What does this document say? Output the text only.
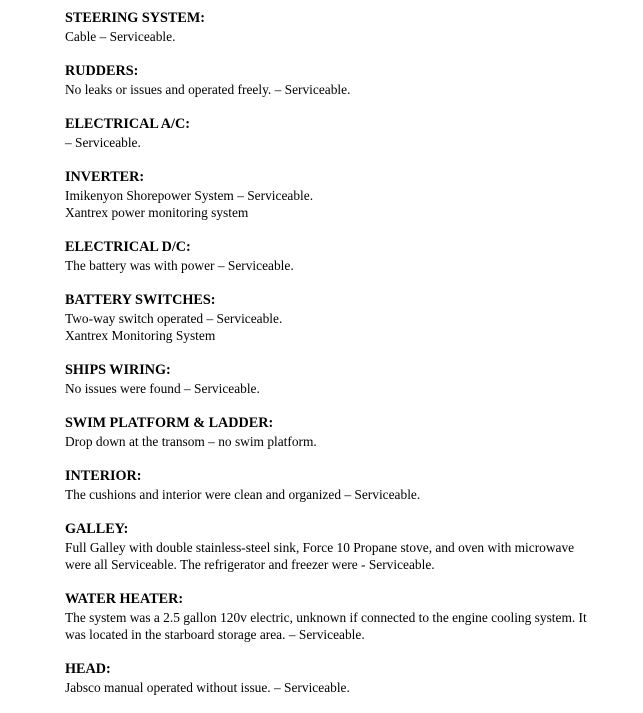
STEERING SYSTEM:
Cable – Serviceable.
RUDDERS:
No leaks or issues and operated freely. – Serviceable.
ELECTRICAL A/C:
– Serviceable.
INVERTER:
Imikenyon Shorepower System – Serviceable.
Xantrex power monitoring system
ELECTRICAL D/C:
The battery was with power – Serviceable.
BATTERY SWITCHES:
Two-way switch operated – Serviceable.
Xantrex Monitoring System
SHIPS WIRING:
No issues were found – Serviceable.
SWIM PLATFORM & LADDER:
Drop down at the transom – no swim platform.
INTERIOR:
The cushions and interior were clean and organized – Serviceable.
GALLEY:
Full Galley with double stainless-steel sink, Force 10 Propane stove, and oven with microwave
were all Serviceable. The refrigerator and freezer were - Serviceable.
WATER HEATER:
The system was a 2.5 gallon 120v electric, unknown if connected to the engine cooling system. It
was located in the starboard storage area. – Serviceable.
HEAD:
Jabsco manual operated without issue. – Serviceable.
